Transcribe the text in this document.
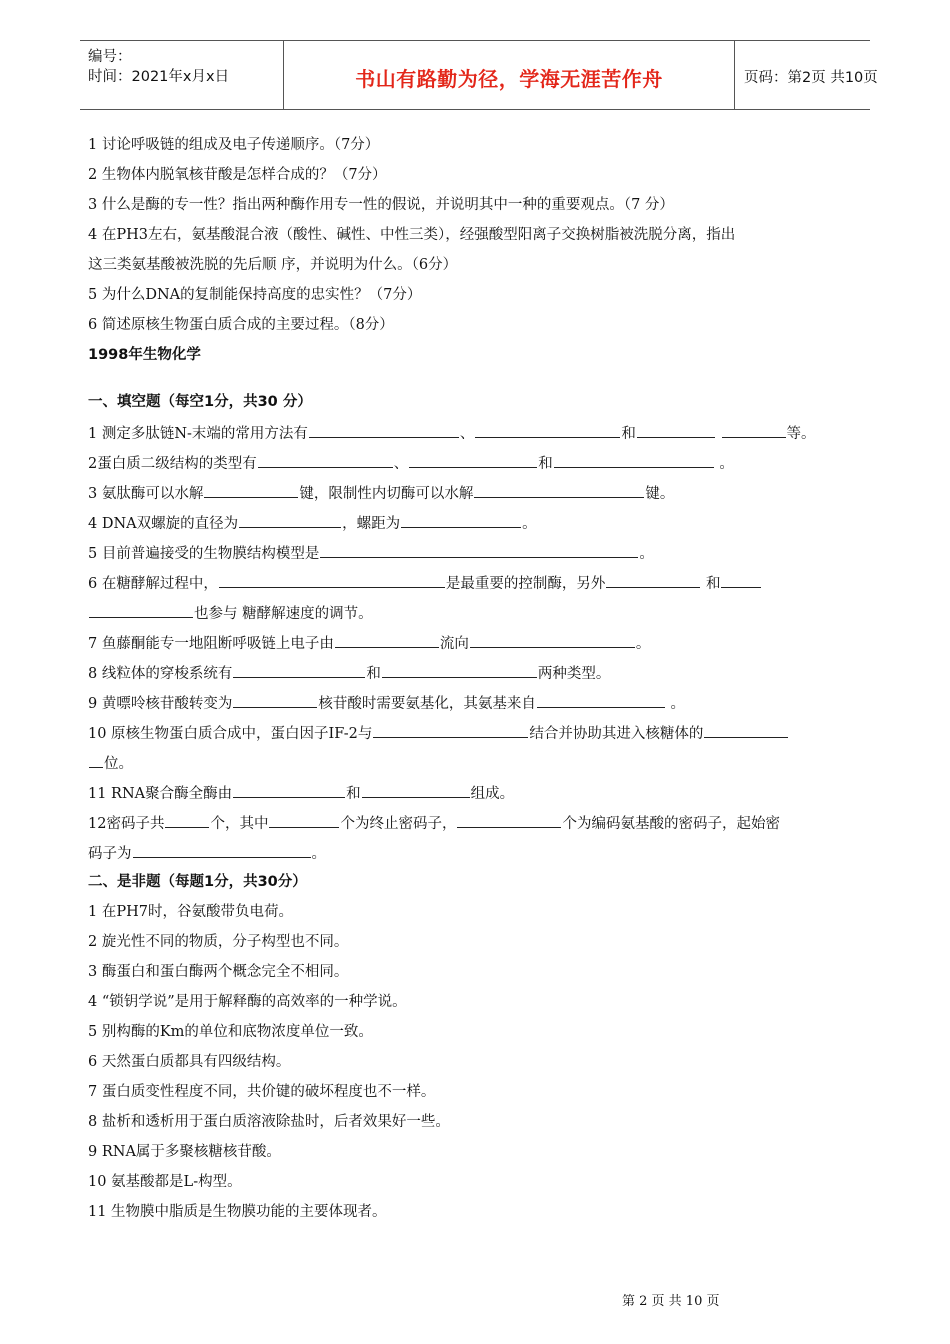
编号：
时间：2021年x月x日	书山有路勤为径，学海无涯苦作舟	页码：第2页 共10页
1 讨论呼吸链的组成及电子传递顺序。（7分）
2 生物体内脱氧核苷酸是怎样合成的？（7分）
3 什么是酶的专一性？指出两种酶作用专一性的假说，并说明其中一种的重要观点。（7 分）
4 在PH3左右，氨基酸混合液（酸性、碱性、中性三类），经强酸型阳离子交换树脂被洗脱分离，指出
这三类氨基酸被洗脱的先后顺 序，并说明为什么。（6分）
5 为什么DNA的复制能保持高度的忠实性？（7分）
6 简述原核生物蛋白质合成的主要过程。（8分）
1998年生物化学
一、填空题（每空1分，共30 分）
1 测定多肽链N-末端的常用方法有	、	和	等。
2蛋白质二级结构的类型有	、	和	。
3 氨肽酶可以水解	键，限制性内切酶可以水解	键。
4 DNA双螺旋的直径为	，螺距为	。
5 目前普遍接受的生物膜结构模型是	。
6 在糖酵解过程中，	是最重要的控制酶，另外	和
也参与 糖酵解速度的调节。
7 鱼藤酮能专一地阻断呼吸链上电子由	流向	。
8 线粒体的穿梭系统有	和	两种类型。
9 黄嘌呤核苷酸转变为	核苷酸时需要氨基化，其氨基来自	。
10 原核生物蛋白质合成中，蛋白因子IF-2与	结合并协助其进入核糖体的
位。
11 RNA聚合酶全酶由	和	组成。
12密码子共	个，其中	个为终止密码子，	个为编码氨基酸的密码子，起始密
码子为	。
二、是非题（每题1分，共30分）
1 在PH7时，谷氨酸带负电荷。
2 旋光性不同的物质，分子构型也不同。
3 酶蛋白和蛋白酶两个概念完全不相同。
4 “锁钥学说”是用于解释酶的高效率的一种学说。
5 别构酶的Km的单位和底物浓度单位一致。
6 天然蛋白质都具有四级结构。
7 蛋白质变性程度不同，共价键的破坏程度也不一样。
8 盐析和透析用于蛋白质溶液除盐时，后者效果好一些。
9 RNA属于多聚核糖核苷酸。
10 氨基酸都是L-构型。
11 生物膜中脂质是生物膜功能的主要体现者。
第 2 页 共 10 页
